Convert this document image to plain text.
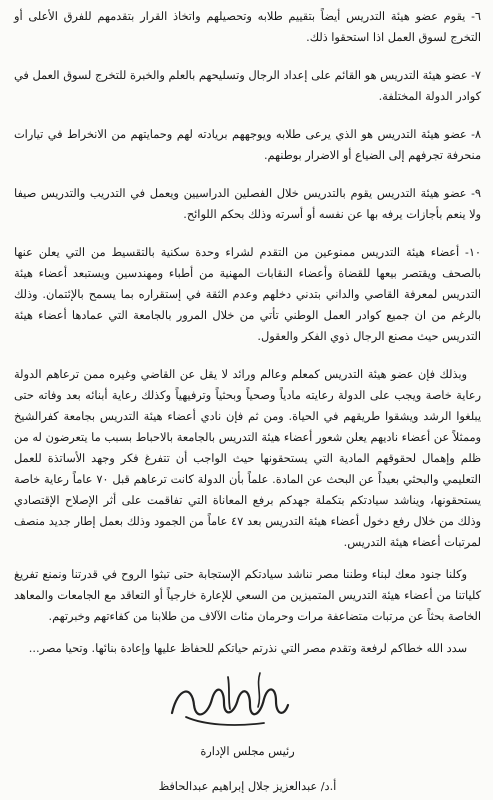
٦- يقوم عضو هيئة التدريس أيضاً بتقييم طلابه وتحصيلهم واتخاذ القرار بتقدمهم للفرق الأعلى أو التخرج لسوق العمل اذا استحقوا ذلك.

٧- عضو هيئة التدريس هو القائم على إعداد الرجال وتسليحهم بالعلم والخبرة للتخرج لسوق العمل في كوادر الدولة المختلفة.

٨- عضو هيئة التدريس هو الذي يرعى طلابه ويوجههم بريادته لهم وحمايتهم من الانخراط في تيارات منحرفة تجرفهم إلى الضياع أو الاضرار بوطنهم.

٩- عضو هيئة التدريس يقوم بالتدريس خلال الفصلين الدراسيين ويعمل في التدريب والتدريس صيفا ولا ينعم بأجازات يرفه بها عن نفسه أو أسرته وذلك بحكم اللوائح.

١٠- أعضاء هيئة التدريس ممنوعين من التقدم لشراء وحدة سكنية بالتقسيط من التي يعلن عنها بالصحف ويقتصر بيعها للقضاة وأعضاء النقابات المهنية من أطباء ومهندسين ويستبعد أعضاء هيئة التدريس لمعرفة القاصي والداني بتدني دخلهم وعدم الثقة في إستقراره بما يسمح بالإئتمان. وذلك بالرغم من ان جميع كوادر العمل الوطني تأتي من خلال المرور بالجامعة التي عمادها أعضاء هيئة التدريس حيث مصنع الرجال ذوي الفكر والعقول.

وبذلك فإن عضو هيئة التدريس كمعلم وعالم ورائد لا يقل عن القاضي وغيره ممن ترعاهم الدولة رعاية خاصة ويجب على الدولة رعايته مادياً وصحياً وبحثياً وترفيهياً وكذلك رعاية أبنائه بعد وفاته حتى يبلغوا الرشد ويشقوا طريقهم في الحياة. ومن ثم فإن نادي أعضاء هيئة التدريس بجامعة كفرالشيخ وممثلاً عن أعضاء ناديهم يعلن شعور أعضاء هيئة التدريس بالجامعة بالاحباط بسبب ما يتعرضون له من ظلم وإهمال لحقوقهم المادية التي يستحقونها حيث الواجب أن تتفرغ فكر وجهد الأساتذة للعمل التعليمي والبحثي بعيداً عن البحث عن المادة. علماً بأن الدولة كانت ترعاهم قبل ٧٠ عاماً رعاية خاصة يستحقونها، ويناشد سيادتكم بتكملة جهدكم برفع المعاناة التي تفاقمت على أثر الإصلاح الإقتصادي وذلك من خلال رفع دخول أعضاء هيئة التدريس بعد ٤٧ عاماً من الجمود وذلك بعمل إطار جديد منصف لمرتبات أعضاء هيئة التدريس.

وكلنا جنود معك لبناء وطننا مصر نناشد سيادتكم الإستجابة حتى تبثوا الروح في قدرتنا ونمنع تفريغ كلياتنا من أعضاء هيئة التدريس المتميزين من السعي للإعارة خارجياً أو التعاقد مع الجامعات والمعاهد الخاصة بحثاً عن مرتبات متضاعفة مرات وحرمان مئات الآلاف من طلابنا من كفاءتهم وخبرتهم.

سدد الله خطاكم لرفعة وتقدم مصر التي نذرتم حياتكم للحفاظ عليها وإعادة بنائها. وتحيا مصر...

رئيس مجلس الإدارة
أ.د/ عبدالعزيز جلال إبراهيم عبدالحافظ
